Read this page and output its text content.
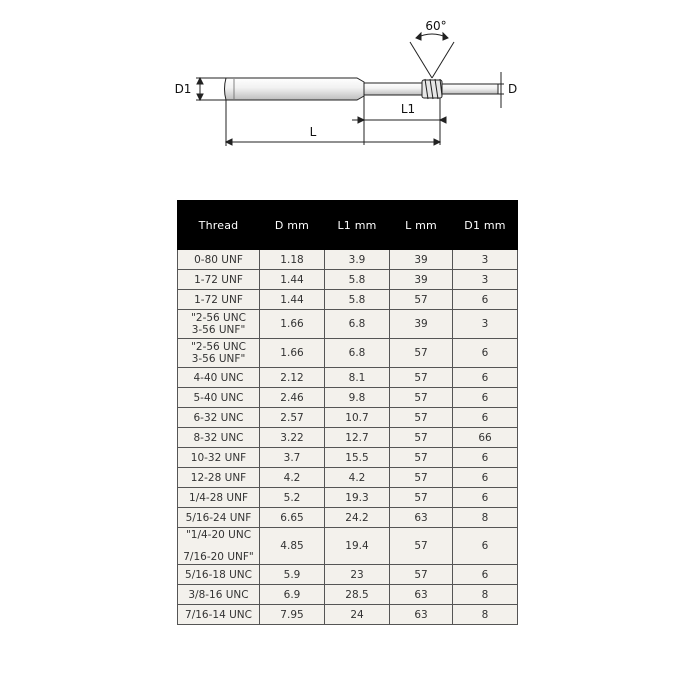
60°
D1	D
L1
L
Thread	D mm	L1 mm	L mm	D1 mm

0-80 UNF	1.18	3.9	39	3

1-72 UNF	1.44	5.8	39	3

1-72 UNF	1.44	5.8	57	6

"2-56 UNC
3-56 UNF"	1.66	6.8	39	3

"2-56 UNC
3-56 UNF"	1.66	6.8	57	6

4-40 UNC	2.12	8.1	57	6

5-40 UNC	2.46	9.8	57	6

6-32 UNC	2.57	10.7	57	6

8-32 UNC	3.22	12.7	57	66

10-32 UNF	3.7	15.5	57	6

12-28 UNF	4.2	4.2	57	6

1/4-28 UNF	5.2	19.3	57	6

5/16-24 UNF	6.65	24.2	63	8

"1/4-20 UNC
7/16-20 UNF"	4.85	19.4	57	6

5/16-18 UNC	5.9	23	57	6

3/8-16 UNC	6.9	28.5	63	8

7/16-14 UNC	7.95	24	63	8
